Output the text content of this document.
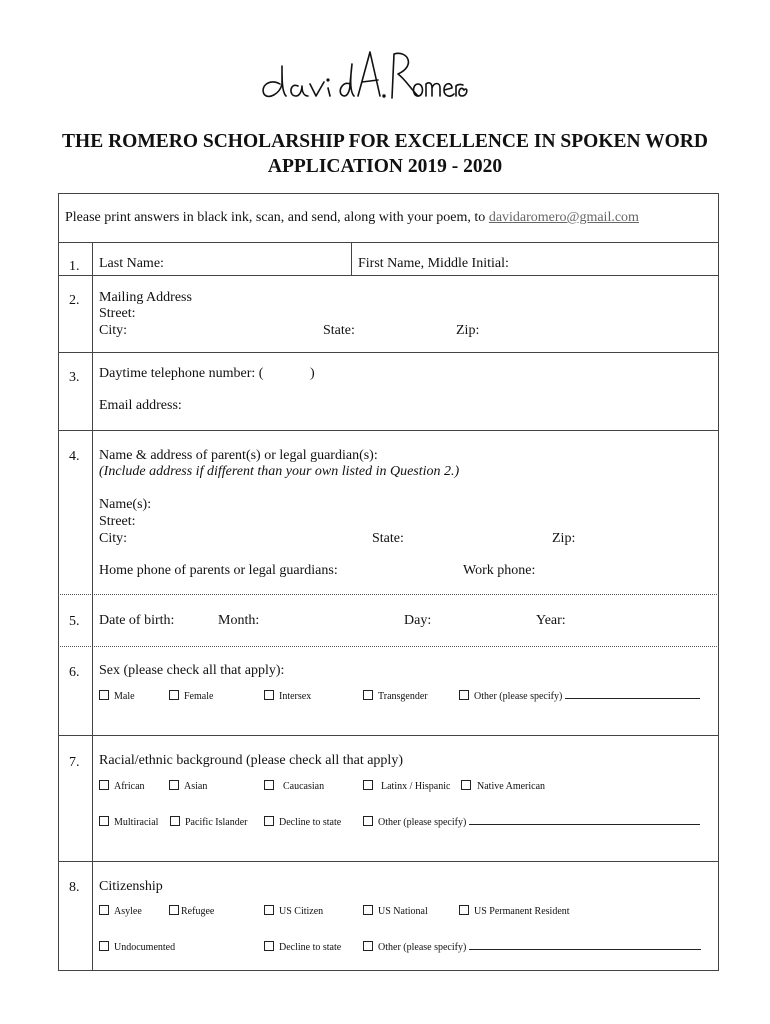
THE ROMERO SCHOLARSHIP FOR EXCELLENCE IN SPOKEN WORD
APPLICATION 2019 - 2020
Please print answers in black ink, scan, and send, along with your poem, to davidaromero@gmail.com
1. Last Name:	First Name, Middle Initial:
2. Mailing Address
Street:
City:	State:	Zip:
3. Daytime telephone number: (	)
Email address:
4. Name & address of parent(s) or legal guardian(s):
(Include address if different than your own listed in Question 2.)
Name(s):
Street:
City:	State:	Zip:
Home phone of parents or legal guardians:	Work phone:
5. Date of birth:	Month:	Day:	Year:
6. Sex (please check all that apply):
Male	Female	Intersex	Transgender	Other (please specify)
7. Racial/ethnic background (please check all that apply)
African	Asian	Caucasian	Latinx / Hispanic	Native American
Multiracial	Pacific Islander	Decline to state	Other (please specify)
8. Citizenship
Asylee	Refugee	US Citizen	US National	US Permanent Resident
Undocumented	Decline to state	Other (please specify)
